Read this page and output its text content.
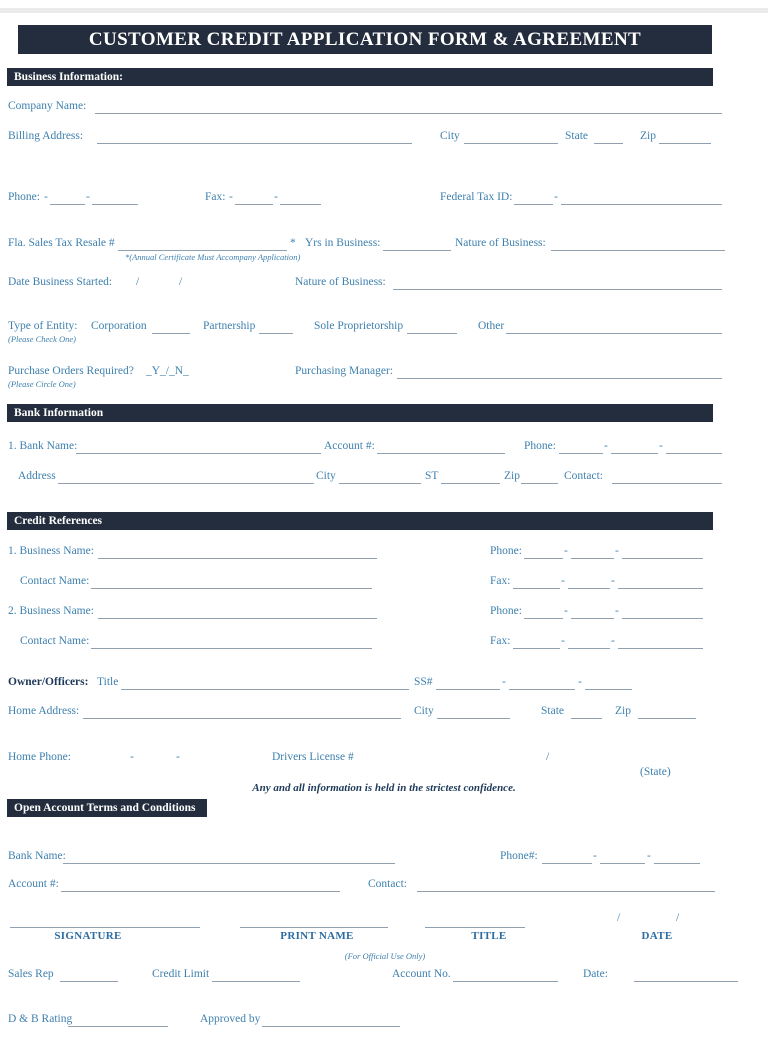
CUSTOMER CREDIT APPLICATION FORM & AGREEMENT
Business Information:
Company Name:
Billing Address:	City	State	Zip
Phone: -	-	Fax: -	-	Federal Tax ID:	-
Fla. Sales Tax Resale #	* Yrs in Business:	Nature of Business:
*(Annual Certificate Must Accompany Application)
Date Business Started: /	/	Nature of Business:
Type of Entity: Corporation	Partnership	Sole Proprietorship	Other
(Please Check One)
Purchase Orders Required? _Y_/_N_	Purchasing Manager:
(Please Circle One)
Bank Information
1. Bank Name:	Account #:	Phone:	-	-
Address	City	ST	Zip	Contact:
Credit References
1. Business Name:	Phone:	-	-
Contact Name:	Fax:	-	-
2. Business Name:	Phone:	-	-
Contact Name:	Fax:	-	-
Owner/Officers: Title	SS#	-	-
Home Address:	City	State	Zip
Home Phone:	-	-	Drivers License #	/
(State)
Any and all information is held in the strictest confidence.
Open Account Terms and Conditions
Bank Name:	Phone#:	-	-
Account #:	Contact:
/	/
SIGNATURE	PRINT NAME	TITLE	DATE
(For Official Use Only)
Sales Rep	Credit Limit	Account No.	Date:
D & B Rating	Approved by
